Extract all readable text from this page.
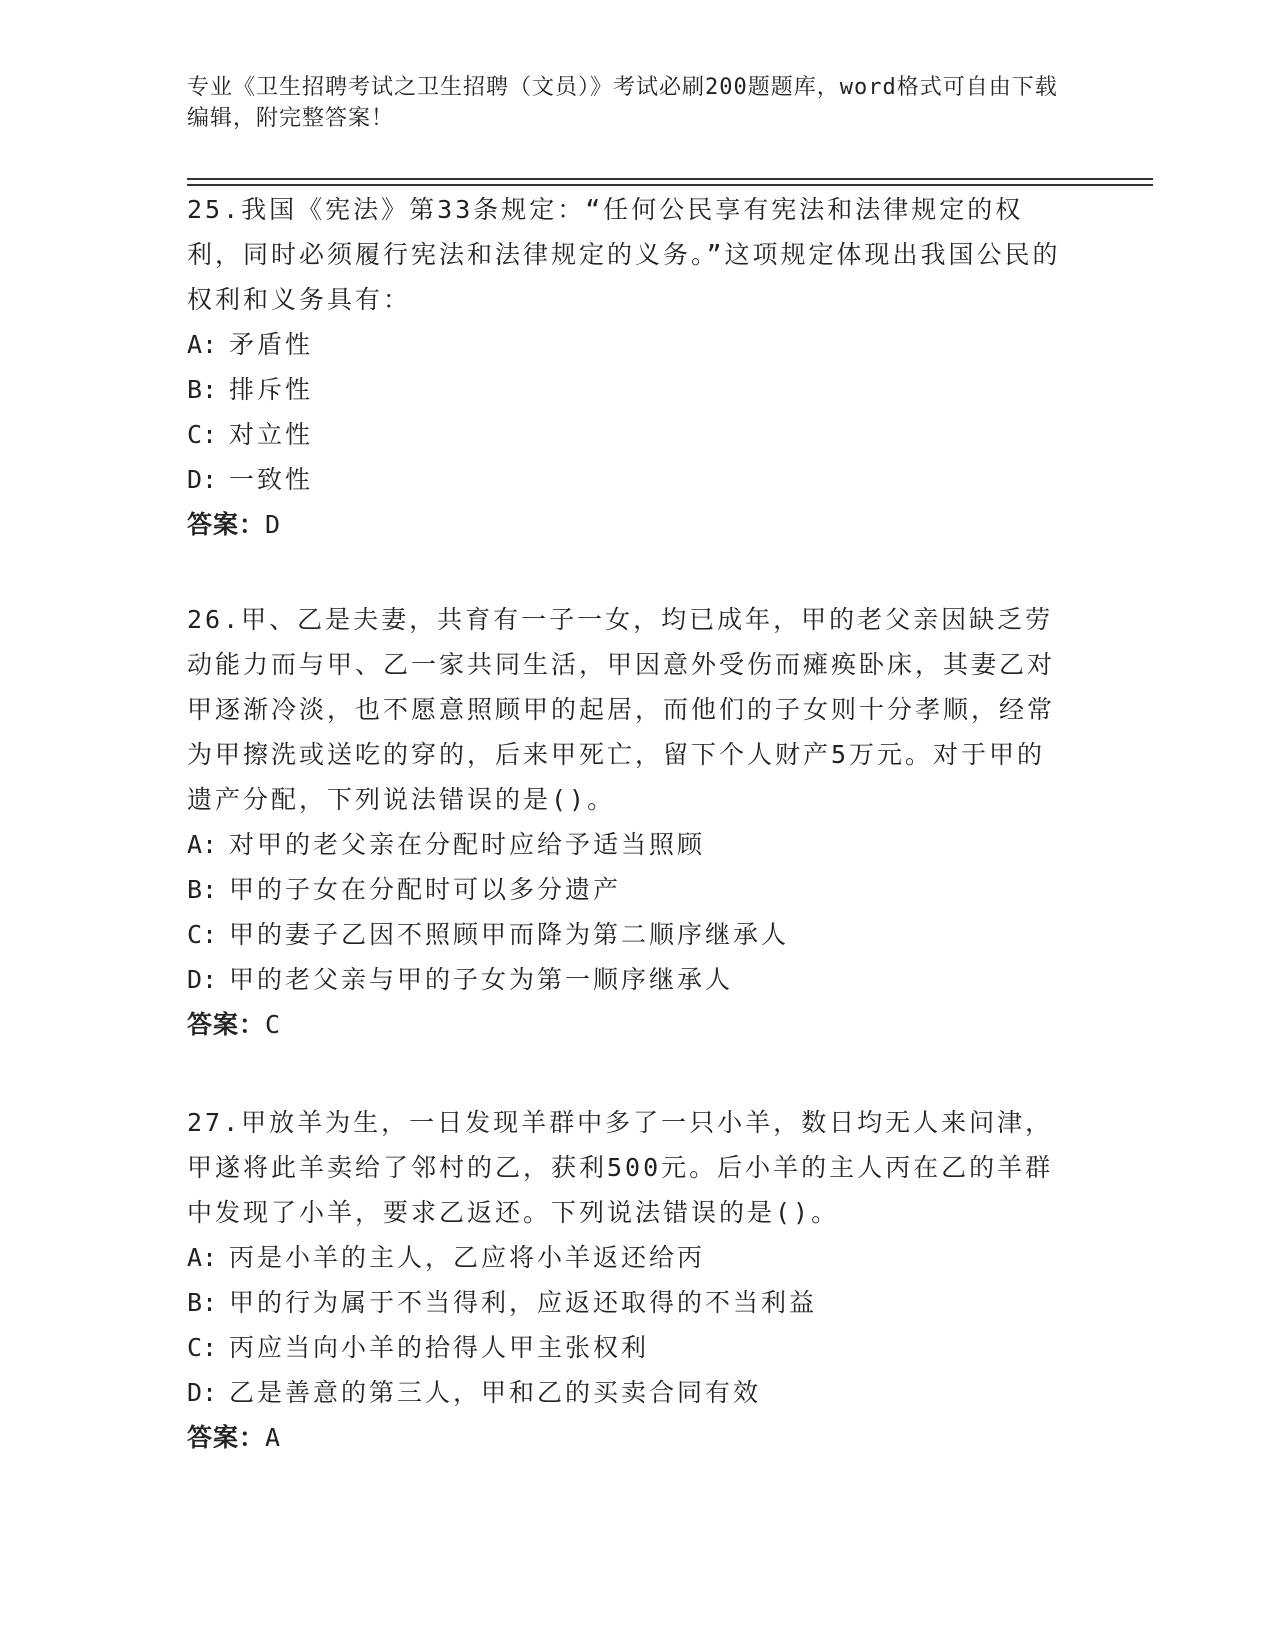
专业《卫生招聘考试之卫生招聘（文员）》考试必刷200题题库，word格式可自由下载编辑，附完整答案！

25.我国《宪法》第33条规定：“任何公民享有宪法和法律规定的权利，同时必须履行宪法和法律规定的义务。”这项规定体现出我国公民的权利和义务具有：

A: 矛盾性

B: 排斥性

C: 对立性

D: 一致性

答案：D

26.甲、乙是夫妻，共育有一子一女，均已成年，甲的老父亲因缺乏劳动能力而与甲、乙一家共同生活，甲因意外受伤而瘫痪卧床，其妻乙对甲逐渐冷淡，也不愿意照顾甲的起居，而他们的子女则十分孝顺，经常为甲擦洗或送吃的穿的，后来甲死亡，留下个人财产5万元。对于甲的遗产分配，下列说法错误的是()。

A: 对甲的老父亲在分配时应给予适当照顾

B: 甲的子女在分配时可以多分遗产

C: 甲的妻子乙因不照顾甲而降为第二顺序继承人

D: 甲的老父亲与甲的子女为第一顺序继承人

答案：C

27.甲放羊为生，一日发现羊群中多了一只小羊，数日均无人来问津，甲遂将此羊卖给了邻村的乙，获利500元。后小羊的主人丙在乙的羊群中发现了小羊，要求乙返还。下列说法错误的是()。

A: 丙是小羊的主人，乙应将小羊返还给丙

B: 甲的行为属于不当得利，应返还取得的不当利益

C: 丙应当向小羊的拾得人甲主张权利

D: 乙是善意的第三人，甲和乙的买卖合同有效

答案：A
